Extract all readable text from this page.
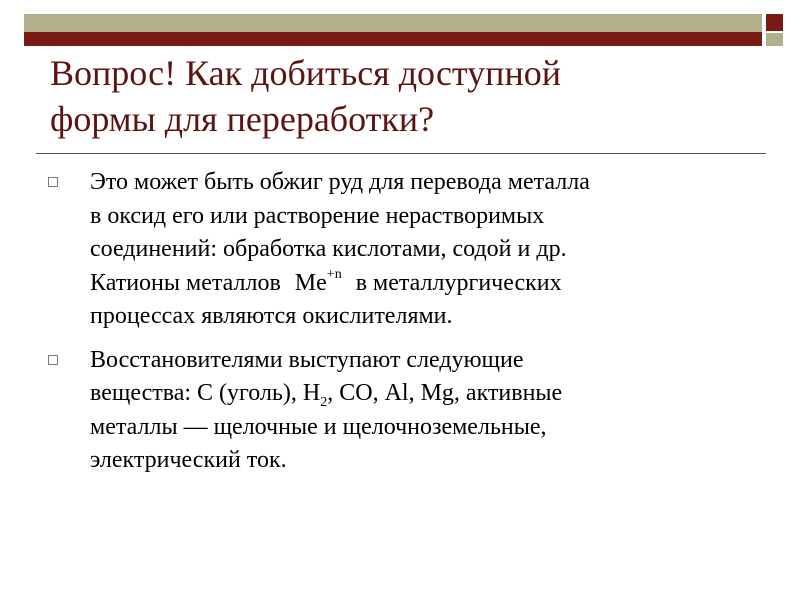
Вопрос! Как добиться доступной
формы для переработки?
Это может быть обжиг руд для перевода металла
в оксид его или растворение нерастворимых
соединений: обработка кислотами, содой и др.
Катионы металлов $Me^{+n}$ в металлургических
процессах являются окислителями.
Восстановителями выступают следующие
вещества: С (уголь), $Н_2$, СО, Al, Mg, активные
металлы — щелочные и щелочноземельные,
электрический ток.
